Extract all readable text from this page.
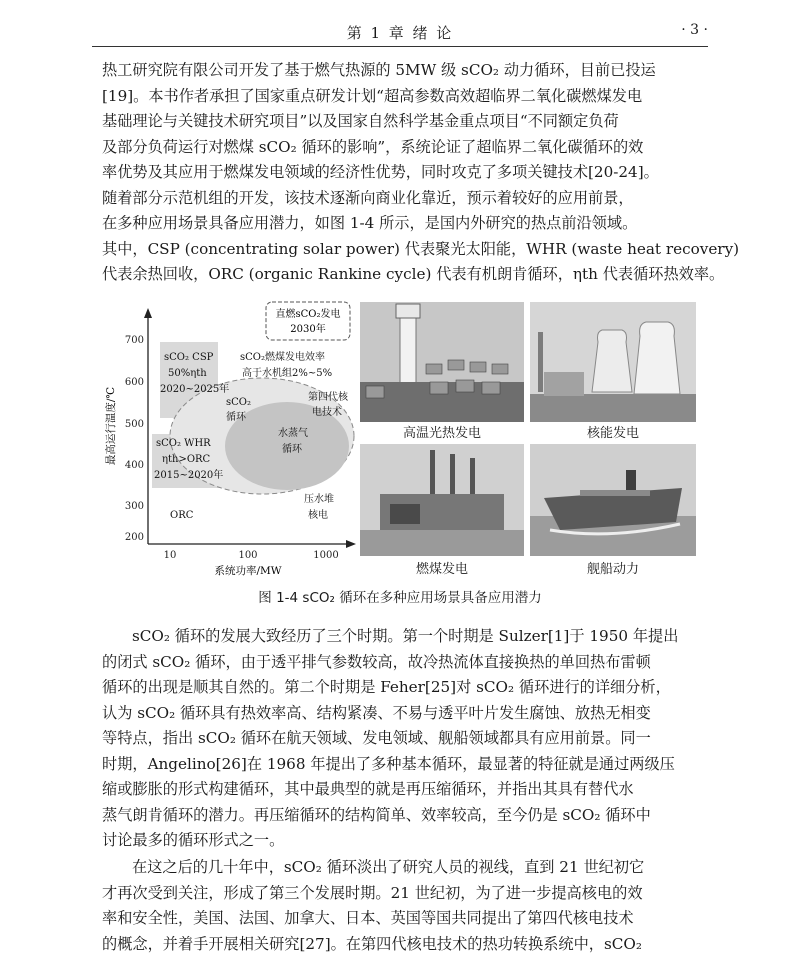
第 1 章 绪 论	· 3 ·
热工研究院有限公司开发了基于燃气热源的 5MW 级 sCO₂ 动力循环，目前已投运
[19]。本书作者承担了国家重点研发计划“超高参数高效超临界二氧化碳燃煤发电
基础理论与关键技术研究项目”以及国家自然科学基金重点项目“不同额定负荷
及部分负荷运行对燃煤 sCO₂ 循环的影响”，系统论证了超临界二氧化碳循环的效
率优势及其应用于燃煤发电领域的经济性优势，同时攻克了多项关键技术[20-24]。
随着部分示范机组的开发，该技术逐渐向商业化靠近，预示着较好的应用前景，
在多种应用场景具备应用潜力，如图 1-4 所示，是国内外研究的热点前沿领域。
其中，CSP (concentrating solar power) 代表聚光太阳能，WHR (waste heat recovery)
代表余热回收，ORC (organic Rankine cycle) 代表有机朗肯循环，ηth 代表循环热效率。
700
600
500
400
300
200
10	100	1000
最高运行温度/℃
系统功率/MW
直燃sCO₂发电
2030年
sCO₂ CSP
50%ηth
2020~2025年
sCO₂燃煤发电效率
高于水机组2%~5%
sCO₂
循环
第四代核
电技术
水蒸气
循环
sCO₂ WHR
ηth>ORC
2015~2020年
压水堆
核电
ORC
高温光热发电	核能发电
燃煤发电	舰船动力
图 1-4 sCO₂ 循环在多种应用场景具备应用潜力
sCO₂ 循环的发展大致经历了三个时期。第一个时期是 Sulzer[1]于 1950 年提出
的闭式 sCO₂ 循环，由于透平排气参数较高，故冷热流体直接换热的单回热布雷顿
循环的出现是顺其自然的。第二个时期是 Feher[25]对 sCO₂ 循环进行的详细分析，
认为 sCO₂ 循环具有热效率高、结构紧凑、不易与透平叶片发生腐蚀、放热无相变
等特点，指出 sCO₂ 循环在航天领域、发电领域、舰船领域都具有应用前景。同一
时期，Angelino[26]在 1968 年提出了多种基本循环，最显著的特征就是通过两级压
缩或膨胀的形式构建循环，其中最典型的就是再压缩循环，并指出其具有替代水
蒸气朗肯循环的潜力。再压缩循环的结构简单、效率较高，至今仍是 sCO₂ 循环中
讨论最多的循环形式之一。
在这之后的几十年中，sCO₂ 循环淡出了研究人员的视线，直到 21 世纪初它
才再次受到关注，形成了第三个发展时期。21 世纪初，为了进一步提高核电的效
率和安全性，美国、法国、加拿大、日本、英国等国共同提出了第四代核电技术
的概念，并着手开展相关研究[27]。在第四代核电技术的热功转换系统中，sCO₂
